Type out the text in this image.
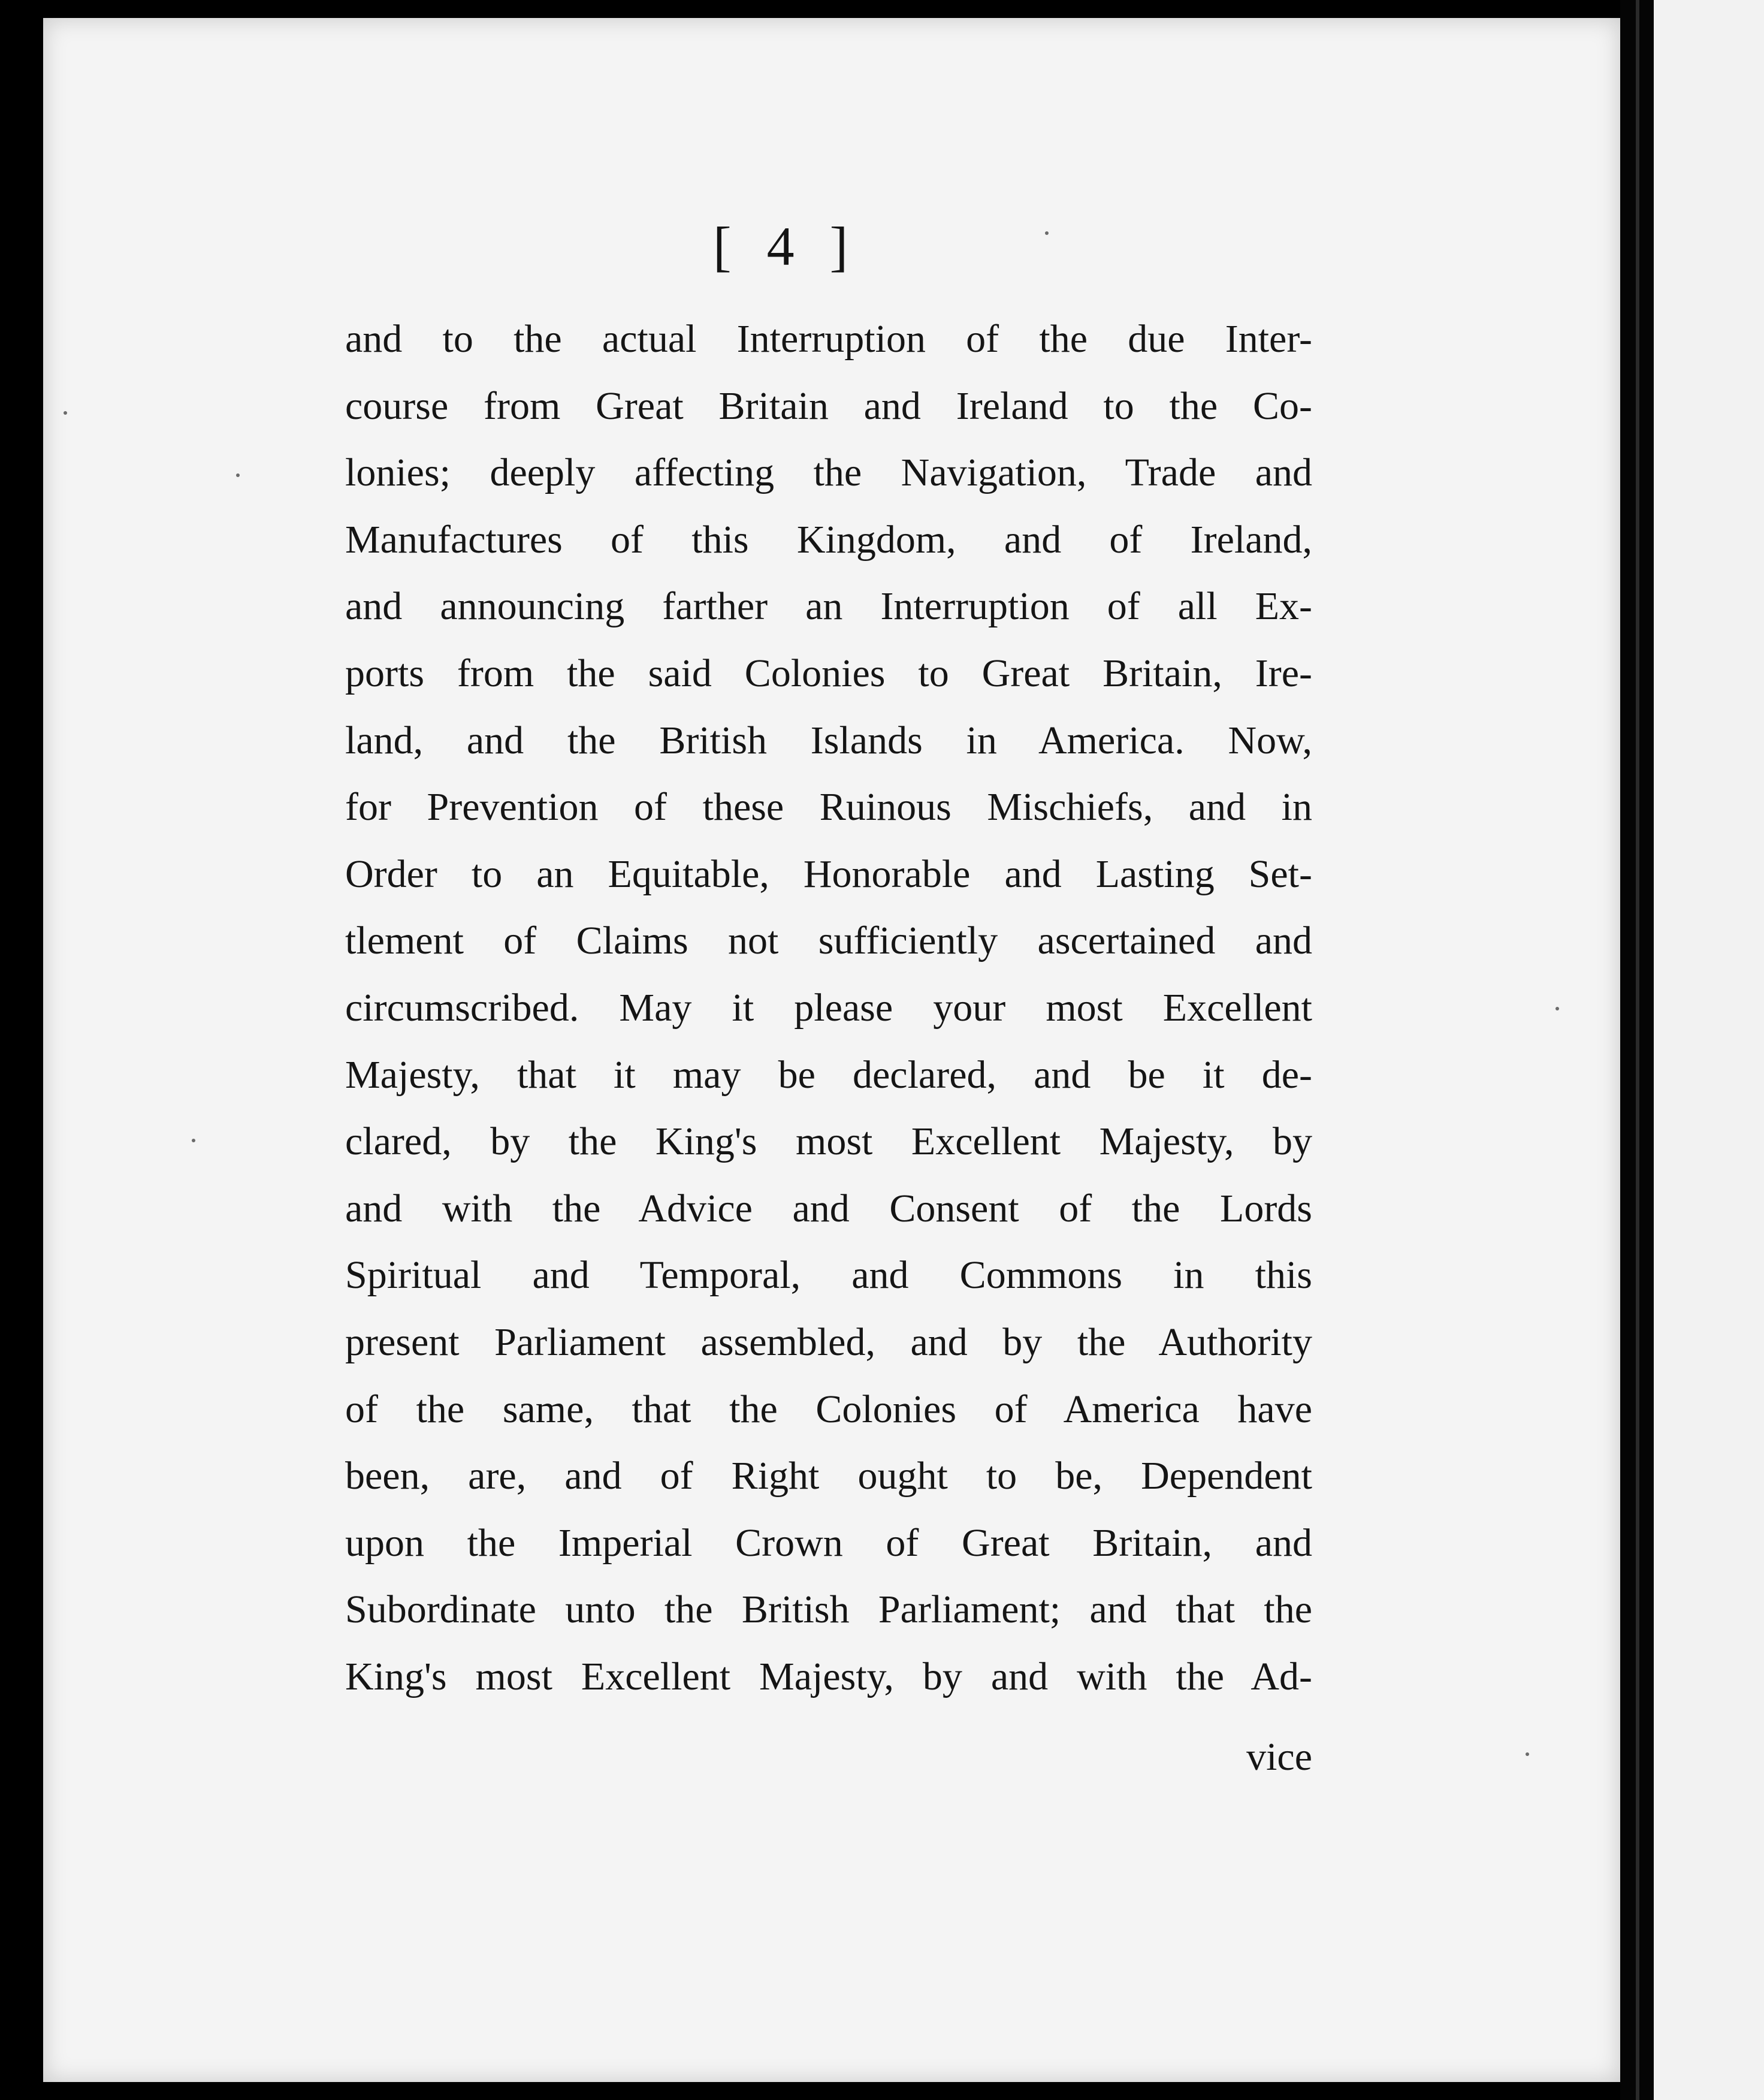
[ 4 ]
and to the actual Interruption of the due Inter-
course from Great Britain and Ireland to the Co-
lonies; deeply affecting the Navigation, Trade and
Manufactures of this Kingdom, and of Ireland,
and announcing farther an Interruption of all Ex-
ports from the said Colonies to Great Britain, Ire-
land, and the British Islands in America. Now,
for Prevention of these Ruinous Mischiefs, and in
Order to an Equitable, Honorable and Lasting Set-
tlement of Claims not sufficiently ascertained and
circumscribed. May it please your most Excellent
Majesty, that it may be declared, and be it de-
clared, by the King's most Excellent Majesty, by
and with the Advice and Consent of the Lords
Spiritual and Temporal, and Commons in this
present Parliament assembled, and by the Authority
of the same, that the Colonies of America have
been, are, and of Right ought to be, Dependent
upon the Imperial Crown of Great Britain, and
Subordinate unto the British Parliament; and that the
King's most Excellent Majesty, by and with the Ad-
vice
